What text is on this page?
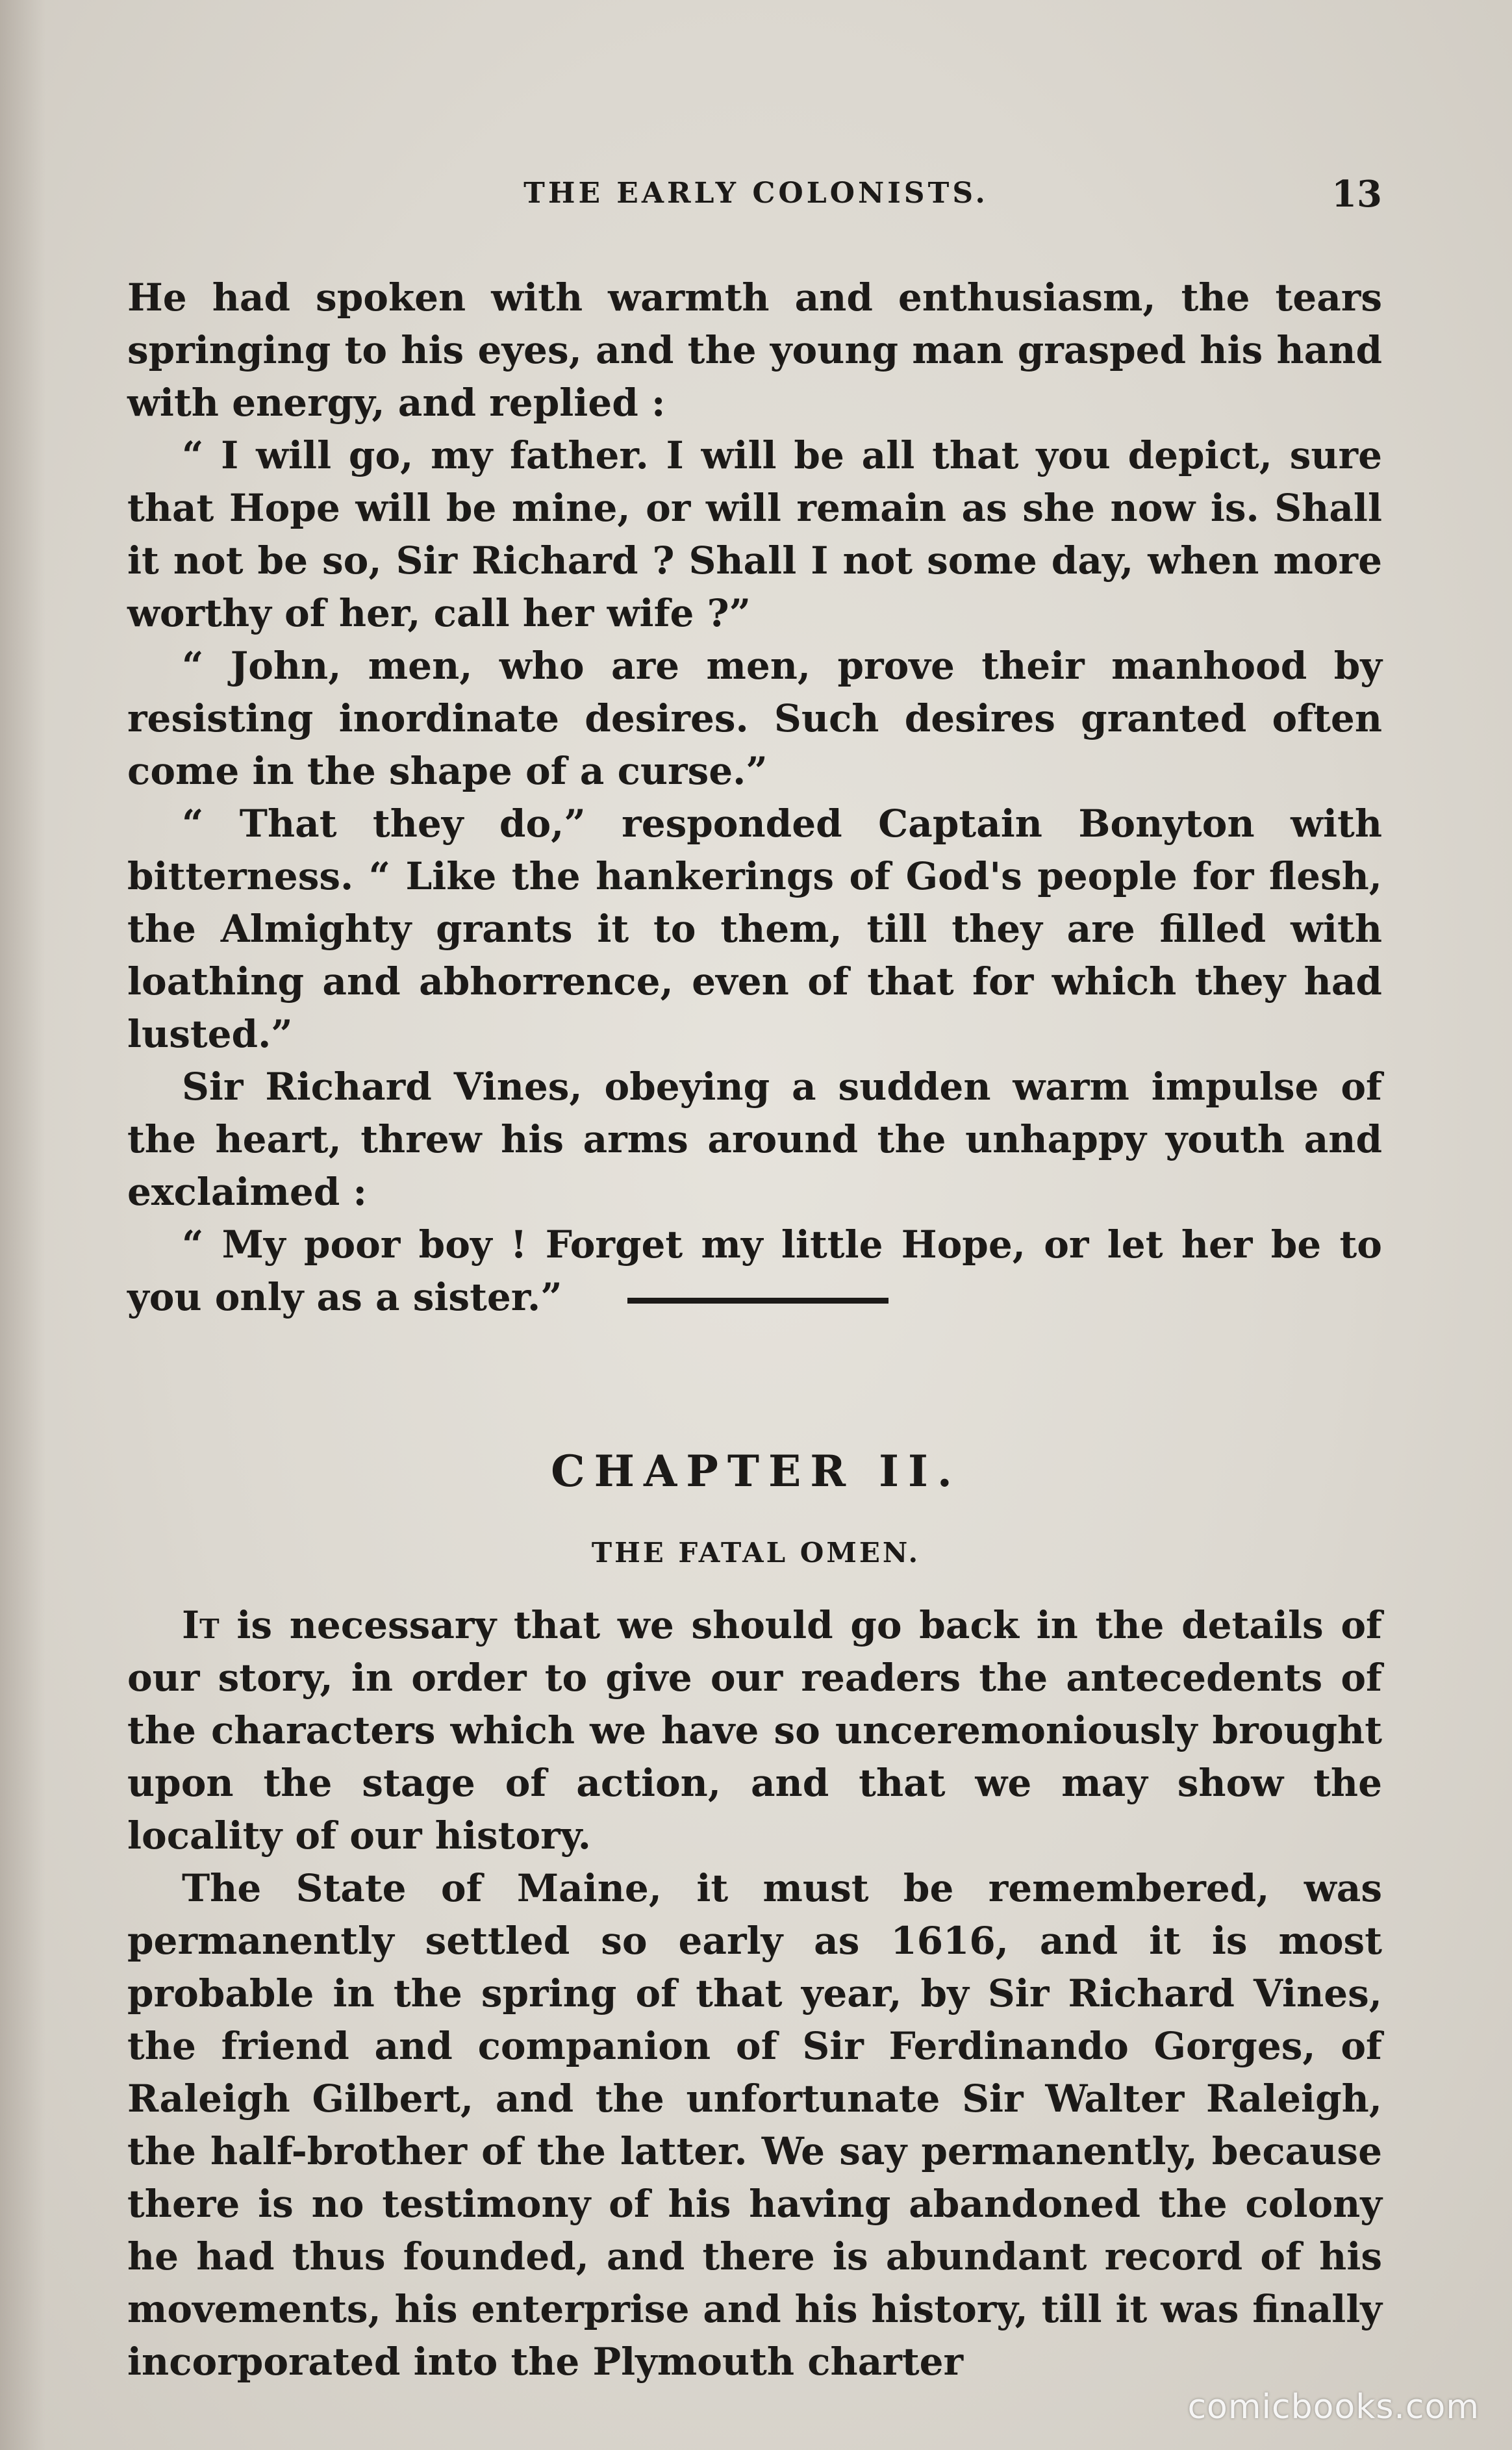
THE EARLY COLONISTS.	13

He had spoken with warmth and enthusiasm, the tears springing to his eyes, and the young man grasped his hand with energy, and replied :

“ I will go, my father. I will be all that you depict, sure that Hope will be mine, or will remain as she now is. Shall it not be so, Sir Richard ? Shall I not some day, when more worthy of her, call her wife ?”

“ John, men, who are men, prove their manhood by resisting inordinate desires. Such desires granted often come in the shape of a curse.”

“ That they do,” responded Captain Bonyton with bitterness. “ Like the hankerings of God's people for flesh, the Almighty grants it to them, till they are filled with loathing and abhorrence, even of that for which they had lusted.”

Sir Richard Vines, obeying a sudden warm impulse of the heart, threw his arms around the unhappy youth and exclaimed :

“ My poor boy ! Forget my little Hope, or let her be to you only as a sister.”

CHAPTER II.
THE FATAL OMEN.

It is necessary that we should go back in the details of our story, in order to give our readers the antecedents of the characters which we have so unceremoniously brought upon the stage of action, and that we may show the locality of our history.

The State of Maine, it must be remembered, was permanently settled so early as 1616, and it is most probable in the spring of that year, by Sir Richard Vines, the friend and companion of Sir Ferdinando Gorges, of Raleigh Gilbert, and the unfortunate Sir Walter Raleigh, the half-brother of the latter. We say permanently, because there is no testimony of his having abandoned the colony he had thus founded, and there is abundant record of his movements, his enterprise and his history, till it was finally incorporated into the Plymouth charter

comicbooks.com
